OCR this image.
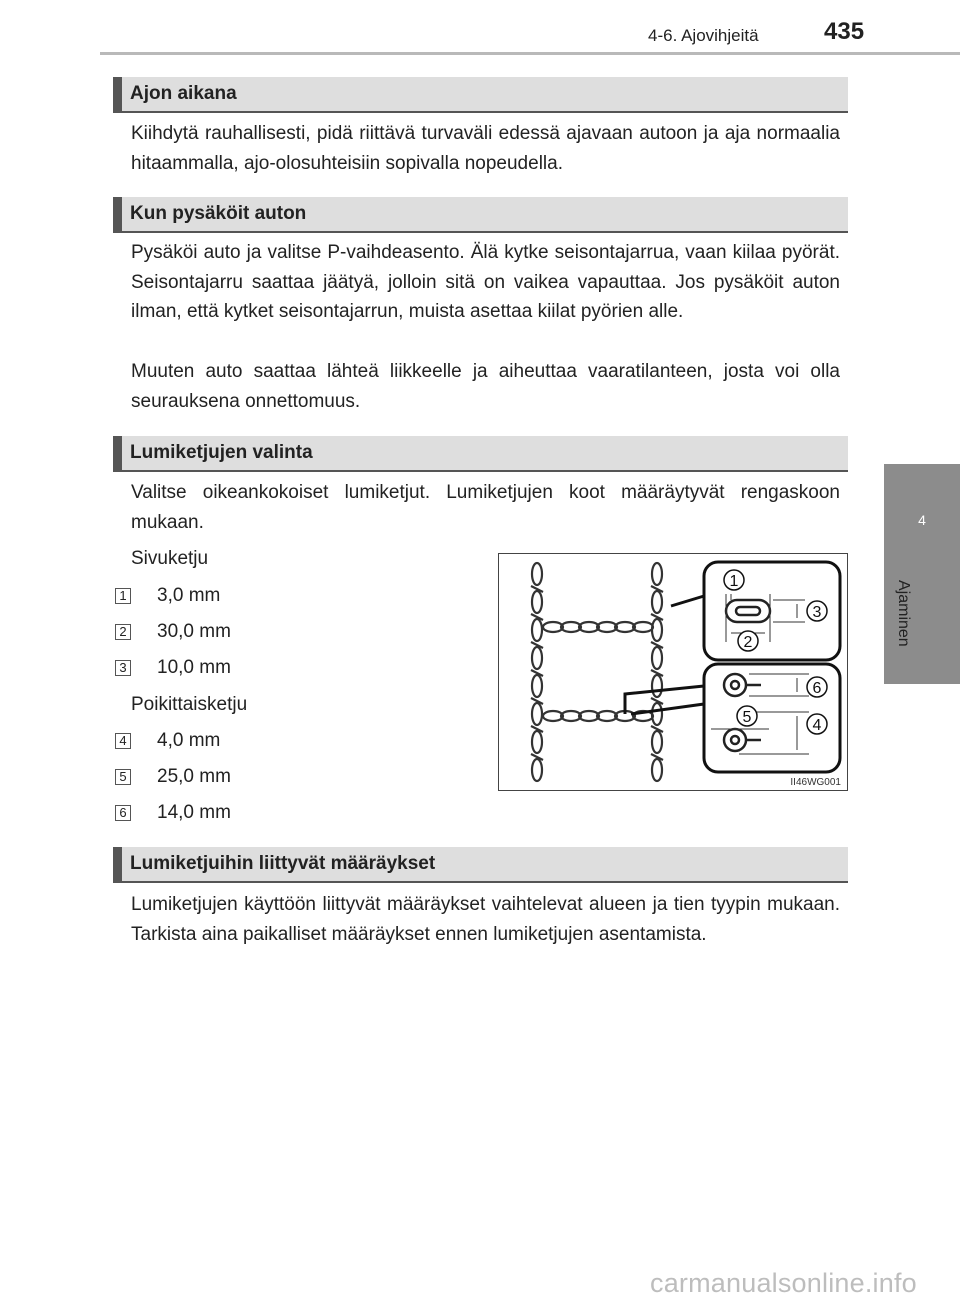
4-6. Ajovihjeitä	435
4
Ajaminen
Ajon aikana

Kiihdytä rauhallisesti, pidä riittävä turvaväli edessä ajavaan autoon ja aja normaalia hitaammalla, ajo-olosuhteisiin sopivalla nopeudella.

Kun pysäköit auton

Pysäköi auto ja valitse P-vaihdeasento. Älä kytke seisontajarrua, vaan kiilaa pyörät. Seisontajarru saattaa jäätyä, jolloin sitä on vaikea vapauttaa. Jos pysäköit auton ilman, että kytket seisontajarrun, muista asettaa kiilat pyörien alle.

Muuten auto saattaa lähteä liikkeelle ja aiheuttaa vaaratilanteen, josta voi olla seurauksena onnettomuus.

Lumiketjujen valinta

Valitse oikeankokoiset lumiketjut. Lumiketjujen koot määräytyvät rengaskoon mukaan.

Sivuketju
1 3,0 mm
2 30,0 mm
3 10,0 mm
Poikittaisketju
4 4,0 mm
5 25,0 mm
6 14,0 mm
1
2
3
4
5
6
II46WG001
Lumiketjuihin liittyvät määräykset

Lumiketjujen käyttöön liittyvät määräykset vaihtelevat alueen ja tien tyypin mukaan. Tarkista aina paikalliset määräykset ennen lumiketjujen asentamista.

carmanualsonline.info
